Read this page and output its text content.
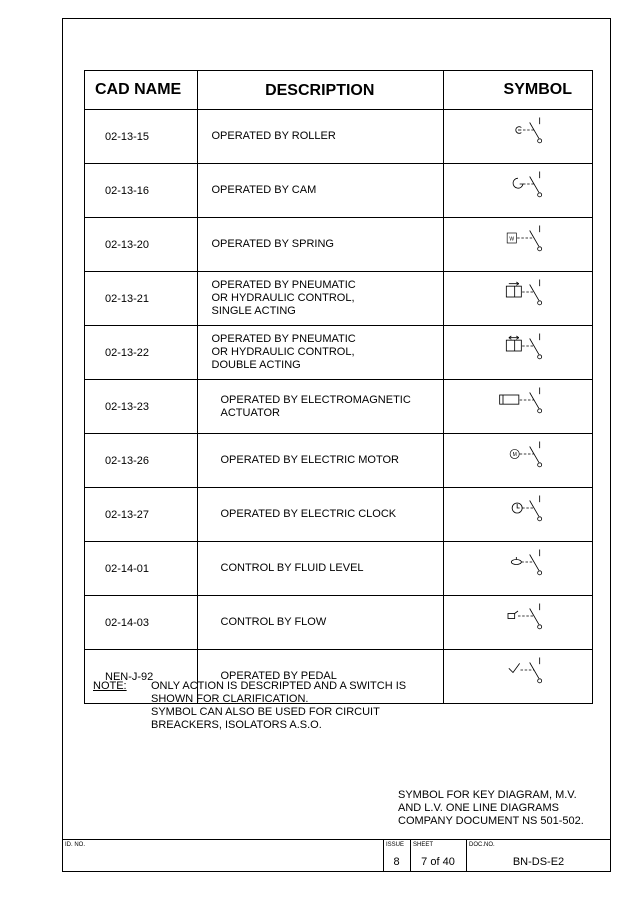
CAD NAME	DESCRIPTION	SYMBOL
02-13-15	OPERATED BY ROLLER

02-13-16	OPERATED BY CAM

02-13-20	OPERATED BY SPRING	W

02-13-21	OPERATED BY PNEUMATIC
OR HYDRAULIC CONTROL,
SINGLE ACTING

02-13-22	OPERATED BY PNEUMATIC
OR HYDRAULIC CONTROL,
DOUBLE ACTING

02-13-23	OPERATED BY ELECTROMAGNETIC
ACTUATOR

02-13-26	OPERATED BY ELECTRIC MOTOR	M

02-13-27	OPERATED BY ELECTRIC CLOCK

02-14-01	CONTROL BY FLUID LEVEL

02-14-03	CONTROL BY FLOW

NEN-J-92	OPERATED BY PEDAL

NOTE: ONLY ACTION IS DESCRIPTED AND A SWITCH IS
SHOWN FOR CLARIFICATION.
SYMBOL CAN ALSO BE USED FOR CIRCUIT
BREACKERS, ISOLATORS A.S.O.
SYMBOL FOR KEY DIAGRAM, M.V.
AND L.V. ONE LINE DIAGRAMS
COMPANY DOCUMENT NS 501-502.
ID. NO.	ISSUE
8
SHEET
7 of 40
DOC.NO.
BN-DS-E2
